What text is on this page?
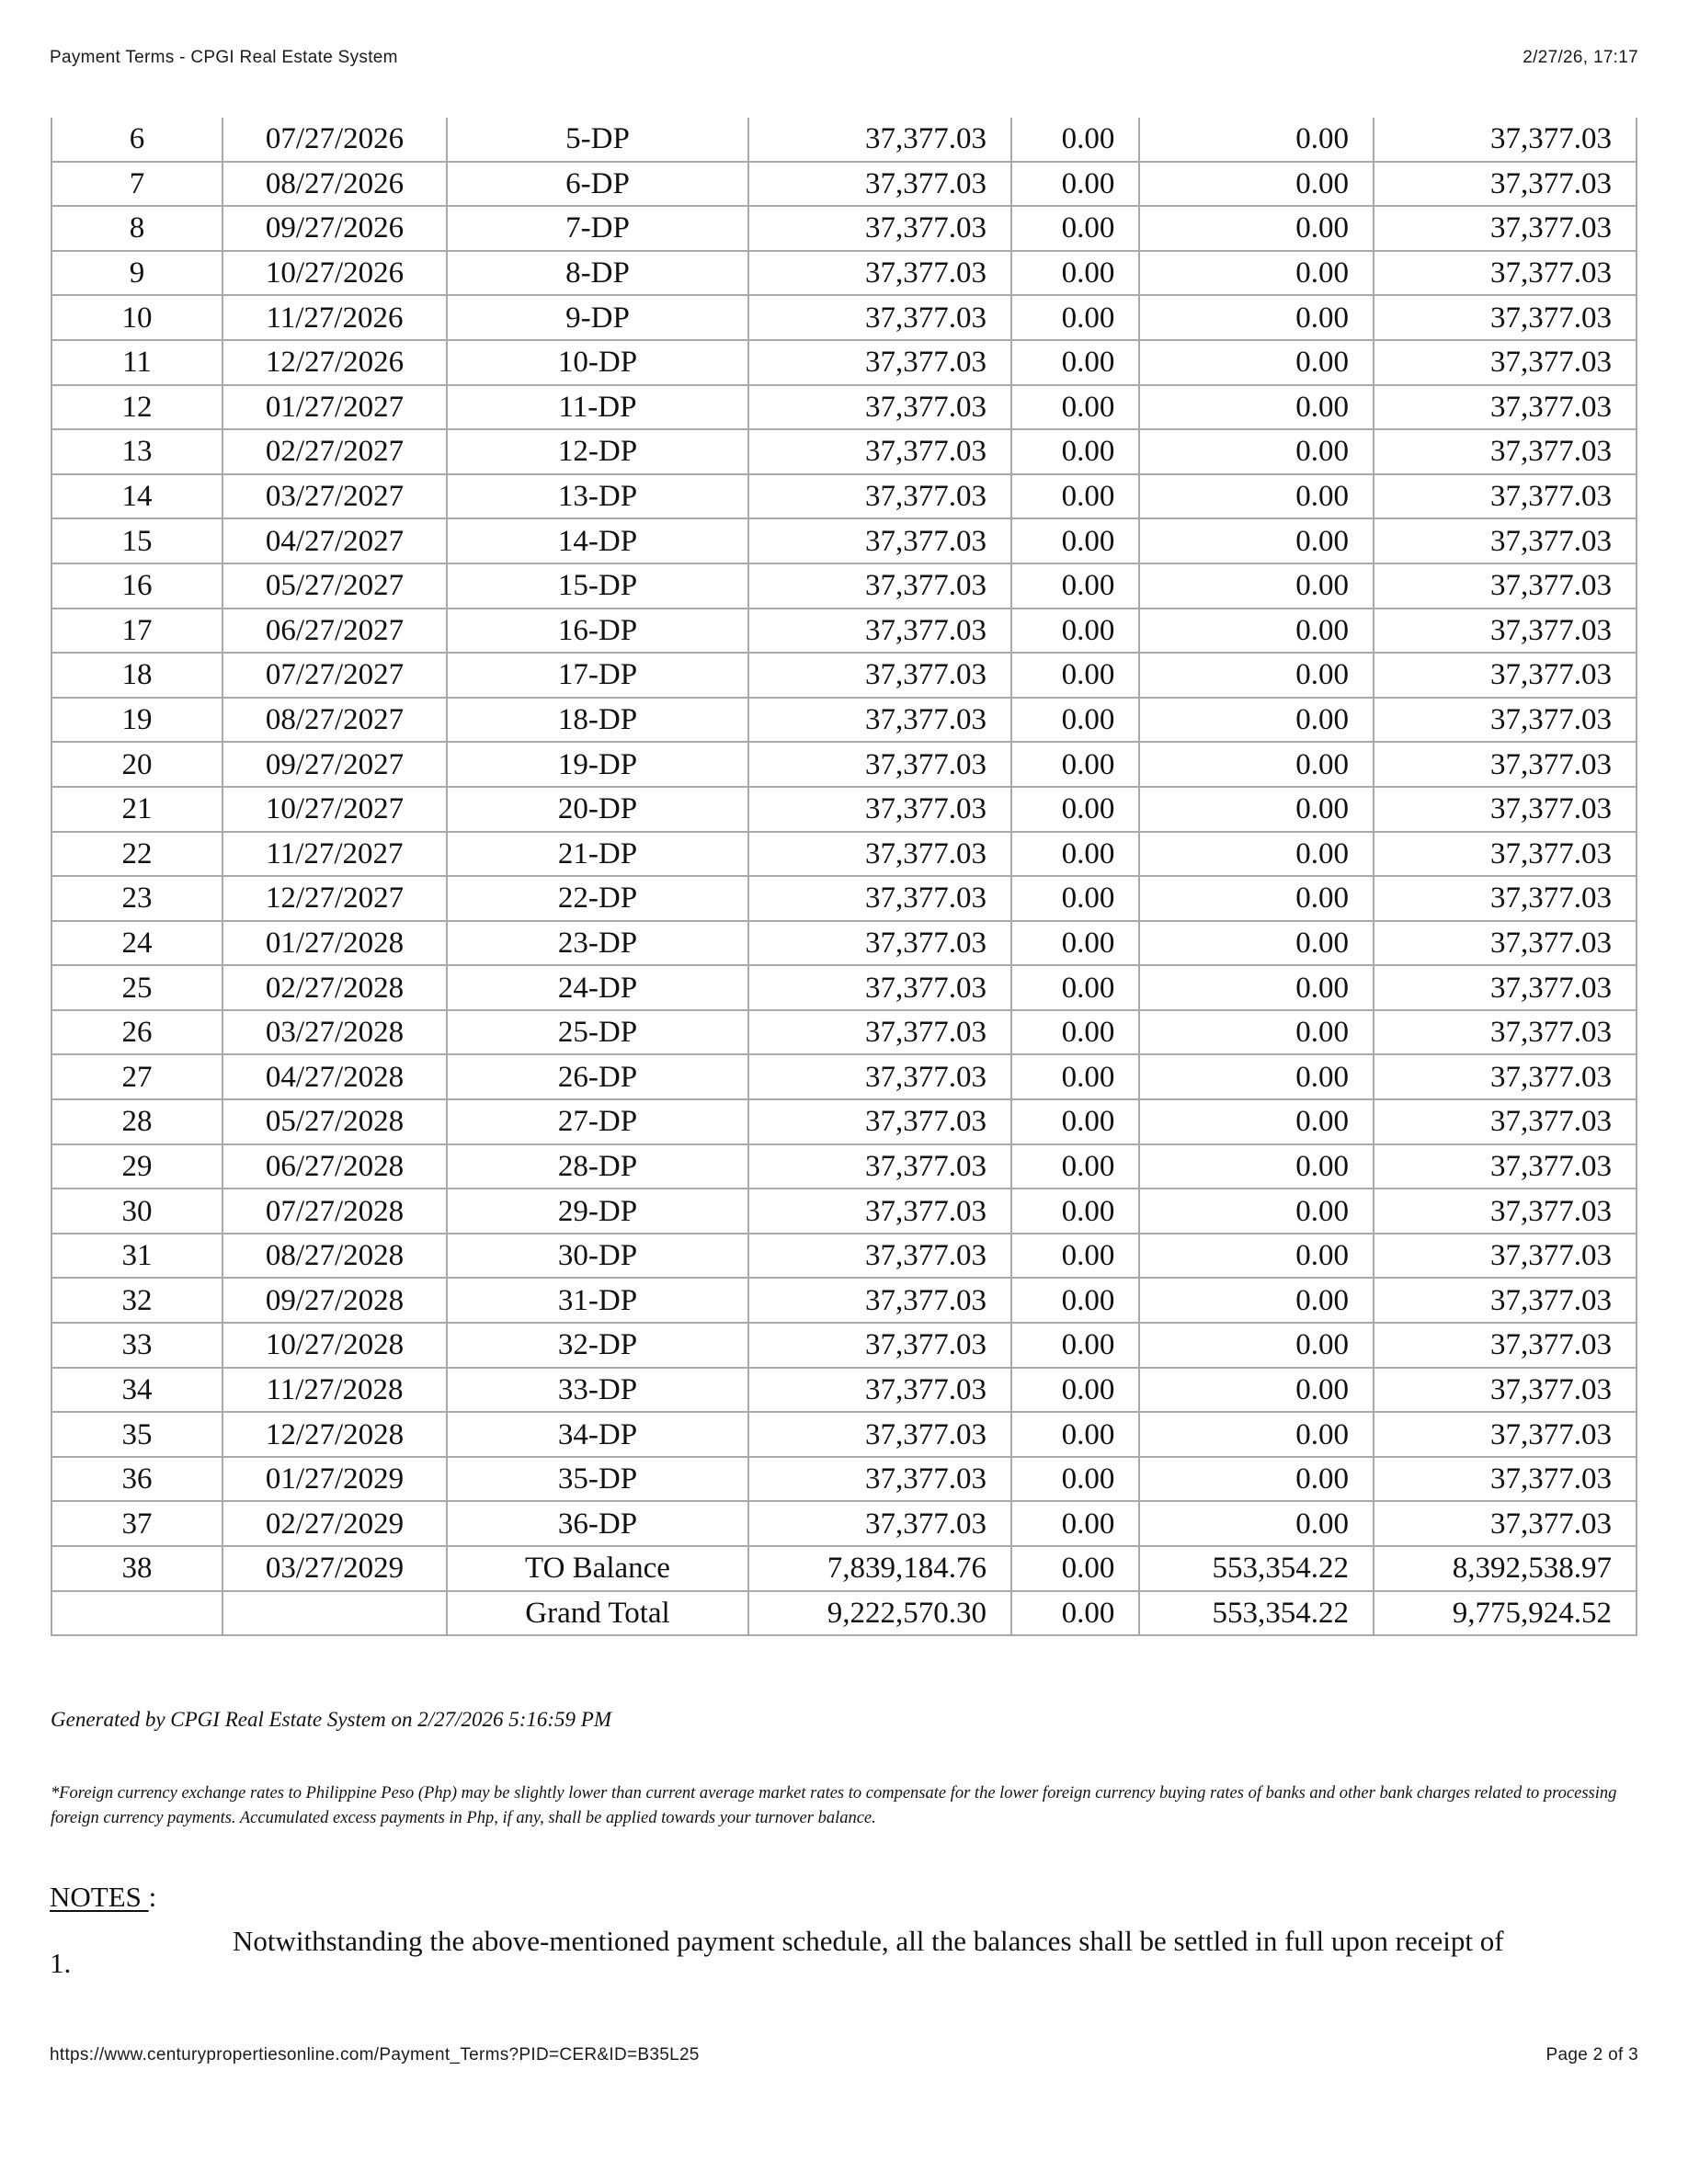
Payment Terms - CPGI Real Estate System	2/27/26, 17:17
6	07/27/2026	5-DP	37,377.03	0.00	0.00	37,377.03
7	08/27/2026	6-DP	37,377.03	0.00	0.00	37,377.03
8	09/27/2026	7-DP	37,377.03	0.00	0.00	37,377.03
9	10/27/2026	8-DP	37,377.03	0.00	0.00	37,377.03
10	11/27/2026	9-DP	37,377.03	0.00	0.00	37,377.03
11	12/27/2026	10-DP	37,377.03	0.00	0.00	37,377.03
12	01/27/2027	11-DP	37,377.03	0.00	0.00	37,377.03
13	02/27/2027	12-DP	37,377.03	0.00	0.00	37,377.03
14	03/27/2027	13-DP	37,377.03	0.00	0.00	37,377.03
15	04/27/2027	14-DP	37,377.03	0.00	0.00	37,377.03
16	05/27/2027	15-DP	37,377.03	0.00	0.00	37,377.03
17	06/27/2027	16-DP	37,377.03	0.00	0.00	37,377.03
18	07/27/2027	17-DP	37,377.03	0.00	0.00	37,377.03
19	08/27/2027	18-DP	37,377.03	0.00	0.00	37,377.03
20	09/27/2027	19-DP	37,377.03	0.00	0.00	37,377.03
21	10/27/2027	20-DP	37,377.03	0.00	0.00	37,377.03
22	11/27/2027	21-DP	37,377.03	0.00	0.00	37,377.03
23	12/27/2027	22-DP	37,377.03	0.00	0.00	37,377.03
24	01/27/2028	23-DP	37,377.03	0.00	0.00	37,377.03
25	02/27/2028	24-DP	37,377.03	0.00	0.00	37,377.03
26	03/27/2028	25-DP	37,377.03	0.00	0.00	37,377.03
27	04/27/2028	26-DP	37,377.03	0.00	0.00	37,377.03
28	05/27/2028	27-DP	37,377.03	0.00	0.00	37,377.03
29	06/27/2028	28-DP	37,377.03	0.00	0.00	37,377.03
30	07/27/2028	29-DP	37,377.03	0.00	0.00	37,377.03
31	08/27/2028	30-DP	37,377.03	0.00	0.00	37,377.03
32	09/27/2028	31-DP	37,377.03	0.00	0.00	37,377.03
33	10/27/2028	32-DP	37,377.03	0.00	0.00	37,377.03
34	11/27/2028	33-DP	37,377.03	0.00	0.00	37,377.03
35	12/27/2028	34-DP	37,377.03	0.00	0.00	37,377.03
36	01/27/2029	35-DP	37,377.03	0.00	0.00	37,377.03
37	02/27/2029	36-DP	37,377.03	0.00	0.00	37,377.03
38	03/27/2029	TO Balance	7,839,184.76	0.00	553,354.22	8,392,538.97
		Grand Total	9,222,570.30	0.00	553,354.22	9,775,924.52
Generated by CPGI Real Estate System on 2/27/2026 5:16:59 PM
*Foreign currency exchange rates to Philippine Peso (Php) may be slightly lower than current average market rates to compensate for the lower foreign currency buying rates of banks and other bank charges related to processing foreign currency payments. Accumulated excess payments in Php, if any, shall be applied towards your turnover balance.
NOTES :
1.
Notwithstanding the above-mentioned payment schedule, all the balances shall be settled in full upon receipt of
https://www.centurypropertiesonline.com/Payment_Terms?PID=CER&ID=B35L25	Page 2 of 3
